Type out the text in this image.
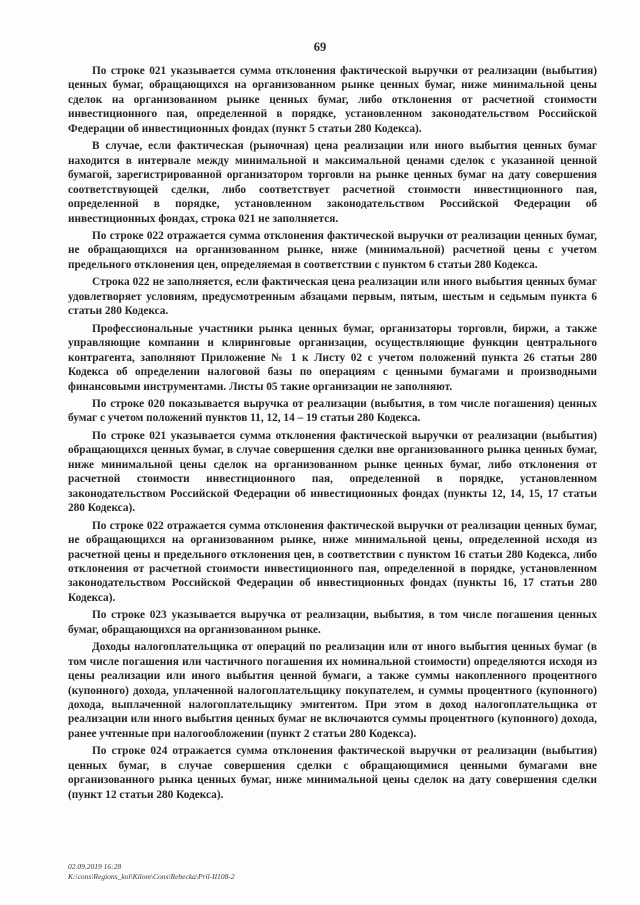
69

По строке 021 указывается сумма отклонения фактической выручки от реализации (выбытия) ценных бумаг, обращающихся на организованном рынке ценных бумаг, ниже минимальной цены сделок на организованном рынке ценных бумаг, либо отклонения от расчетной стоимости инвестиционного пая, определенной в порядке, установленном законодательством Российской Федерации об инвестиционных фондах (пункт 5 статьи 280 Кодекса).

В случае, если фактическая (рыночная) цена реализации или иного выбытия ценных бумаг находится в интервале между минимальной и максимальной ценами сделок с указанной ценной бумагой, зарегистрированной организатором торговли на рынке ценных бумаг на дату совершения соответствующей сделки, либо соответствует расчетной стоимости инвестиционного пая, определенной в порядке, установленном законодательством Российской Федерации об инвестиционных фондах, строка 021 не заполняется.

По строке 022 отражается сумма отклонения фактической выручки от реализации ценных бумаг, не обращающихся на организованном рынке, ниже (минимальной) расчетной цены с учетом предельного отклонения цен, определяемая в соответствии с пунктом 6 статьи 280 Кодекса.

Строка 022 не заполняется, если фактическая цена реализации или иного выбытия ценных бумаг удовлетворяет условиям, предусмотренным абзацами первым, пятым, шестым и седьмым пункта 6 статьи 280 Кодекса.

Профессиональные участники рынка ценных бумаг, организаторы торговли, биржи, а также управляющие компании и клиринговые организации, осуществляющие функции центрального контрагента, заполняют Приложение № 1 к Листу 02 с учетом положений пункта 26 статьи 280 Кодекса об определении налоговой базы по операциям с ценными бумагами и производными финансовыми инструментами. Листы 05 такие организации не заполняют.

По строке 020 показывается выручка от реализации (выбытия, в том числе погашения) ценных бумаг с учетом положений пунктов 11, 12, 14 – 19 статьи 280 Кодекса.

По строке 021 указывается сумма отклонения фактической выручки от реализации (выбытия) обращающихся ценных бумаг, в случае совершения сделки вне организованного рынка ценных бумаг, ниже минимальной цены сделок на организованном рынке ценных бумаг, либо отклонения от расчетной стоимости инвестиционного пая, определенной в порядке, установленном законодательством Российской Федерации об инвестиционных фондах (пункты 12, 14, 15, 17 статьи 280 Кодекса).

По строке 022 отражается сумма отклонения фактической выручки от реализации ценных бумаг, не обращающихся на организованном рынке, ниже минимальной цены, определенной исходя из расчетной цены и предельного отклонения цен, в соответствии с пунктом 16 статьи 280 Кодекса, либо отклонения от расчетной стоимости инвестиционного пая, определенной в порядке, установленном законодательством Российской Федерации об инвестиционных фондах (пункты 16, 17 статьи 280 Кодекса).

По строке 023 указывается выручка от реализации, выбытия, в том числе погашения ценных бумаг, обращающихся на организованном рынке.

Доходы налогоплательщика от операций по реализации или от иного выбытия ценных бумаг (в том числе погашения или частичного погашения их номинальной стоимости) определяются исходя из цены реализации или иного выбытия ценной бумаги, а также суммы накопленного процентного (купонного) дохода, уплаченной налогоплательщику покупателем, и суммы процентного (купонного) дохода, выплаченной налогоплательщику эмитентом. При этом в доход налогоплательщика от реализации или иного выбытия ценных бумаг не включаются суммы процентного (купонного) дохода, ранее учтенные при налогообложении (пункт 2 статьи 280 Кодекса).

По строке 024 отражается сумма отклонения фактической выручки от реализации (выбытия) ценных бумаг, в случае совершения сделки с обращающимися ценными бумагами вне организованного рынка ценных бумаг, ниже минимальной цены сделок на дату совершения сделки (пункт 12 статьи 280 Кодекса).

02.09.2019 16:28
K:\cons\Regions_kol\Kilom\Cons\Rebecka\Pril-II108-2
